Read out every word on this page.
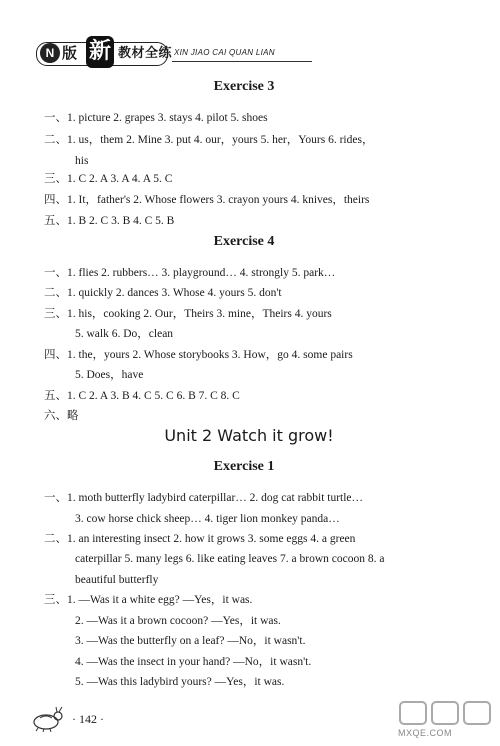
N 版 新 教材全练 XIN JIAO CAI QUAN LIAN
Exercise 3
一、1. picture 2. grapes 3. stays 4. pilot 5. shoes
二、1. us，them 2. Mine 3. put 4. our，yours 5. her，Yours 6. rides，
his
三、1. C 2. A 3. A 4. A 5. C
四、1. It，father's 2. Whose flowers 3. crayon yours 4. knives，theirs
五、1. B 2. C 3. B 4. C 5. B
Exercise 4
一、1. flies 2. rubbers… 3. playground… 4. strongly 5. park…
二、1. quickly 2. dances 3. Whose 4. yours 5. don't
三、1. his，cooking 2. Our，Theirs 3. mine，Theirs 4. yours
5. walk 6. Do，clean
四、1. the，yours 2. Whose storybooks 3. How，go 4. some pairs
5. Does，have
五、1. C 2. A 3. B 4. C 5. C 6. B 7. C 8. C
六、略
Unit 2 Watch it grow!
Exercise 1
一、1. moth butterfly ladybird caterpillar… 2. dog cat rabbit turtle…
3. cow horse chick sheep… 4. tiger lion monkey panda…
二、1. an interesting insect 2. how it grows 3. some eggs 4. a green
caterpillar 5. many legs 6. like eating leaves 7. a brown cocoon 8. a
beautiful butterfly
三、1. —Was it a white egg? —Yes，it was.
2. —Was it a brown cocoon? —Yes，it was.
3. —Was the butterfly on a leaf? —No，it wasn't.
4. —Was the insect in your hand? —No，it wasn't.
5. —Was this ladybird yours? —Yes，it was.
· 142 ·
MXQE.COM
